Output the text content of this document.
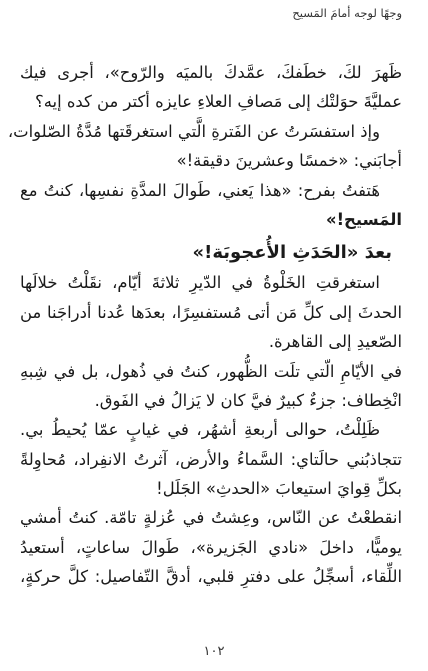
وجهًا لوجه أمامَ المَسيح
ظَهرَ لكَ، خطَفكَ، عمَّدكَ بالميَه والرّوح»، أجرى فيك
عمليَّةَ حوَلتْك إلى مَصافِ العلاءِ عايزه أكتر من كده إيه؟
وإذ استفسَرتُ عن الفَترةِ الَّتي استغرقَتها مُدَّةُ الصّلوات،
أجابَني: «خمسًا وعشرينَ دقيقة!»
هَتفتُ بفرح: «هذا يَعني، طَوالَ المدَّةِ نفسِها، كنتُ مع
المَسيح!»
بعدَ «الحَدَثِ الأُعجوبَة!»
استغرقتِ الخَلْوةُ في الدّيرِ ثلاثةَ أيّام، نقَلْتُ خلالَها
الحدثَ إلى كلِّ مَن أتى مُستفسِرًا، بعدَها عُدنا أدراجَنا من
الصّعيدِ إلى القاهرة.
في الأيّامِ الّتي تلَت الظُّهور، كنتُ في ذُهول، بل في شِبهِ
انْخِطاف: جزءٌ كبيرٌ فيَّ كان لا يَزالُ في الفَوق.
ظَلِلْتُ، حوالى أربعةِ أشهُر، في غيابٍ عمّا يُحيطُ بي.
تتجاذبُني حالَتاي: السَّماءُ والأرض، آثرتُ الانفِراد، مُحاوِلةً
بكلِّ قِوايَ استيعابَ «الحدثِ» الجَلَل!
انقطعْتُ عن النّاس، وعِشتُ في عُزلةٍ تامّة. كنتُ أمشي
يوميًّا، داخلَ «نادي الجَزيرة»، طَوالَ ساعاتٍ، أستعيدُ
اللِّقاء، أسجِّلُ على دفترِ قلبي، أدقَّ التّفاصيل: كلَّ حركةٍ،
١٠٢
